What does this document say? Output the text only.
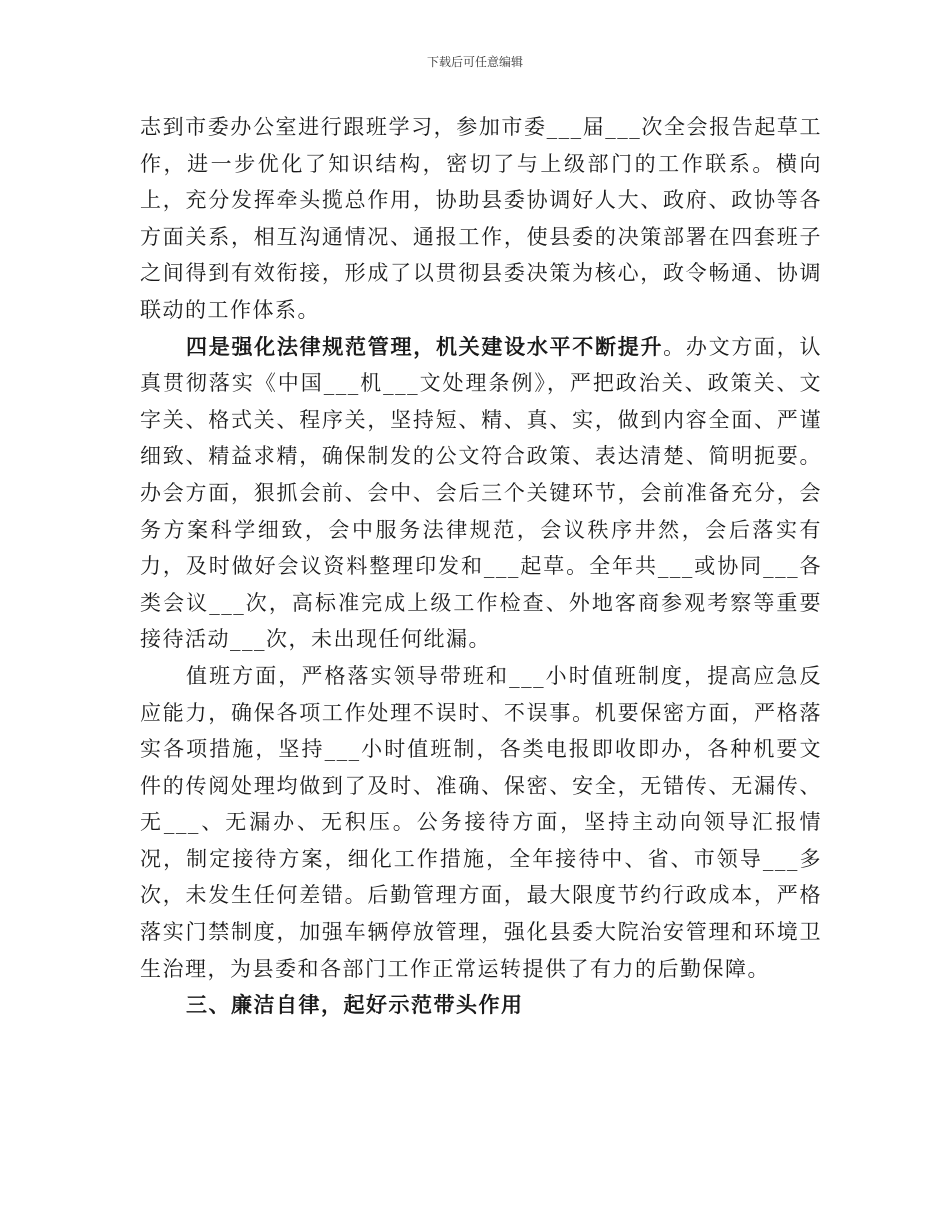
下载后可任意编辑

志到市委办公室进行跟班学习，参加市委___届___次全会报告起草工作，进一步优化了知识结构，密切了与上级部门的工作联系。横向上，充分发挥牵头揽总作用，协助县委协调好人大、政府、政协等各方面关系，相互沟通情况、通报工作，使县委的决策部署在四套班子之间得到有效衔接，形成了以贯彻县委决策为核心，政令畅通、协调联动的工作体系。

四是强化法律规范管理，机关建设水平不断提升。办文方面，认真贯彻落实《中国___机___文处理条例》，严把政治关、政策关、文字关、格式关、程序关，坚持短、精、真、实，做到内容全面、严谨细致、精益求精，确保制发的公文符合政策、表达清楚、简明扼要。办会方面，狠抓会前、会中、会后三个关键环节，会前准备充分，会务方案科学细致，会中服务法律规范，会议秩序井然，会后落实有力，及时做好会议资料整理印发和___起草。全年共___或协同___各类会议___次，高标准完成上级工作检查、外地客商参观考察等重要接待活动___次，未出现任何纰漏。

值班方面，严格落实领导带班和___小时值班制度，提高应急反应能力，确保各项工作处理不误时、不误事。机要保密方面，严格落实各项措施，坚持___小时值班制，各类电报即收即办，各种机要文件的传阅处理均做到了及时、准确、保密、安全，无错传、无漏传、无___、无漏办、无积压。公务接待方面，坚持主动向领导汇报情况，制定接待方案，细化工作措施，全年接待中、省、市领导___多次，未发生任何差错。后勤管理方面，最大限度节约行政成本，严格落实门禁制度，加强车辆停放管理，强化县委大院治安管理和环境卫生治理，为县委和各部门工作正常运转提供了有力的后勤保障。

三、廉洁自律，起好示范带头作用
